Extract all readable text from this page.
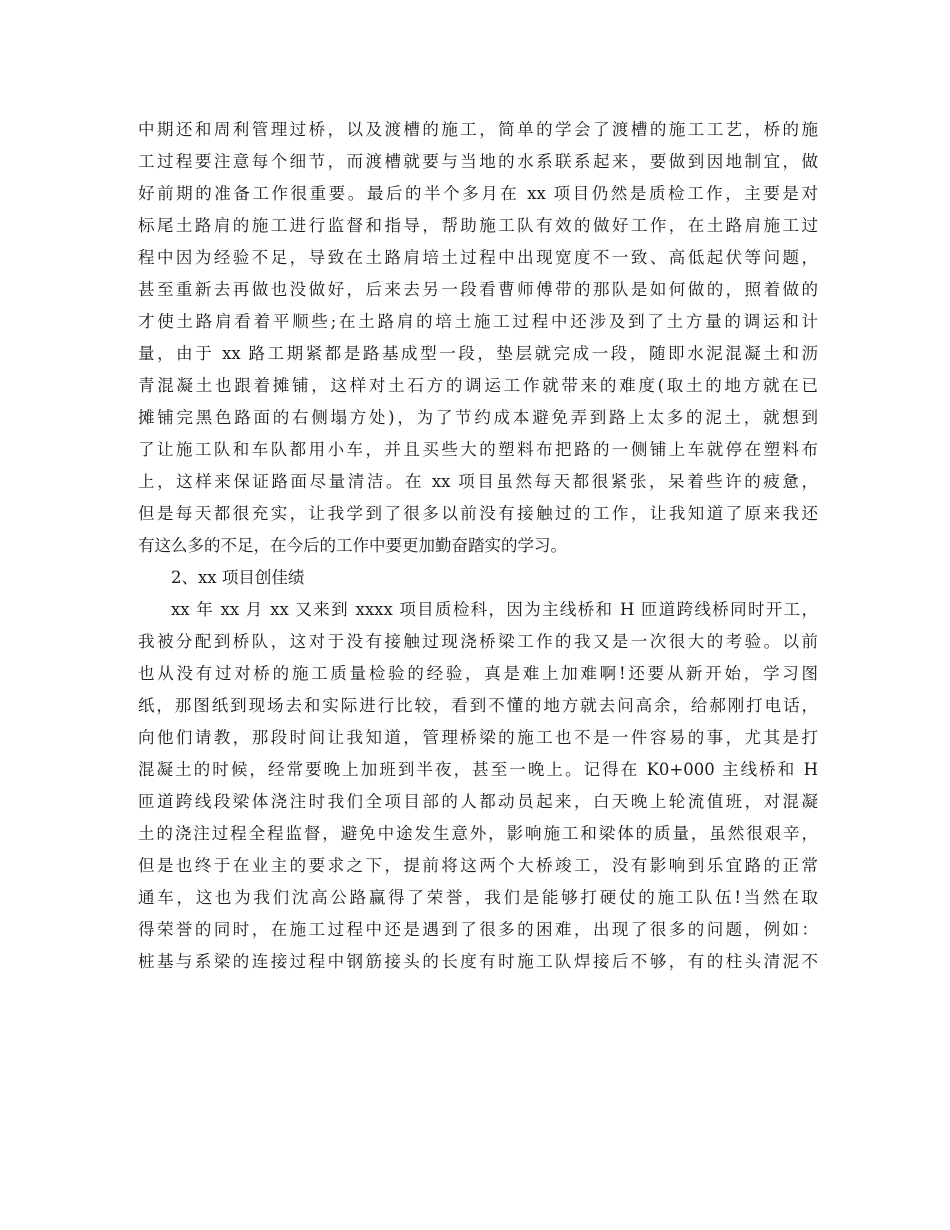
中期还和周利管理过桥，以及渡槽的施工，简单的学会了渡槽的施工工艺，桥的施
工过程要注意每个细节，而渡槽就要与当地的水系联系起来，要做到因地制宜，做
好前期的准备工作很重要。最后的半个多月在 xx 项目仍然是质检工作，主要是对
标尾土路肩的施工进行监督和指导，帮助施工队有效的做好工作，在土路肩施工过
程中因为经验不足，导致在土路肩培土过程中出现宽度不一致、高低起伏等问题，
甚至重新去再做也没做好，后来去另一段看曹师傅带的那队是如何做的，照着做的
才使土路肩看着平顺些;在土路肩的培土施工过程中还涉及到了土方量的调运和计
量，由于 xx 路工期紧都是路基成型一段，垫层就完成一段，随即水泥混凝土和沥
青混凝土也跟着摊铺，这样对土石方的调运工作就带来的难度(取土的地方就在已
摊铺完黑色路面的右侧塌方处)，为了节约成本避免弄到路上太多的泥土，就想到
了让施工队和车队都用小车，并且买些大的塑料布把路的一侧铺上车就停在塑料布
上，这样来保证路面尽量清洁。在 xx 项目虽然每天都很紧张，呆着些许的疲惫，
但是每天都很充实，让我学到了很多以前没有接触过的工作，让我知道了原来我还
有这么多的不足，在今后的工作中要更加勤奋踏实的学习。
2、xx 项目创佳绩
xx 年 xx 月 xx 又来到 xxxx 项目质检科，因为主线桥和 H 匝道跨线桥同时开工，
我被分配到桥队，这对于没有接触过现浇桥梁工作的我又是一次很大的考验。以前
也从没有过对桥的施工质量检验的经验，真是难上加难啊!还要从新开始，学习图
纸，那图纸到现场去和实际进行比较，看到不懂的地方就去问高余，给郝刚打电话，
向他们请教，那段时间让我知道，管理桥梁的施工也不是一件容易的事，尤其是打
混凝土的时候，经常要晚上加班到半夜，甚至一晚上。记得在 K0+000 主线桥和 H
匝道跨线段梁体浇注时我们全项目部的人都动员起来，白天晚上轮流值班，对混凝
土的浇注过程全程监督，避免中途发生意外，影响施工和梁体的质量，虽然很艰辛，
但是也终于在业主的要求之下，提前将这两个大桥竣工，没有影响到乐宜路的正常
通车，这也为我们沈高公路赢得了荣誉，我们是能够打硬仗的施工队伍!当然在取
得荣誉的同时，在施工过程中还是遇到了很多的困难，出现了很多的问题，例如：
桩基与系梁的连接过程中钢筋接头的长度有时施工队焊接后不够，有的柱头清泥不
